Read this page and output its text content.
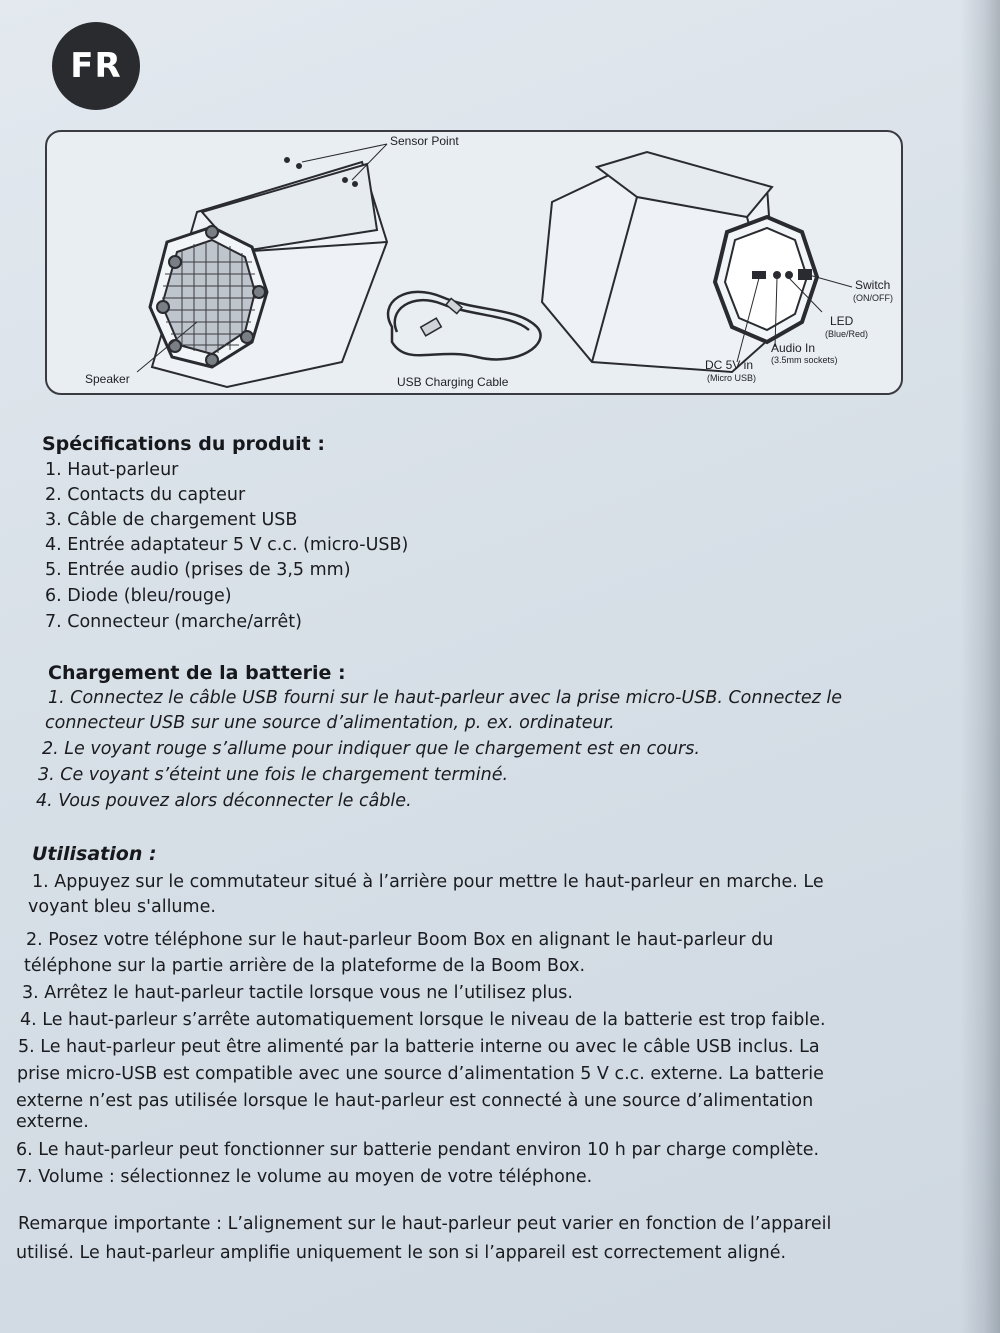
FR
Sensor Point
Speaker	USB Charging Cable
Switch
(ON/OFF)
LED
(Blue/Red)
Audio In
(3.5mm sockets)
DC 5V in
(Micro USB)
Spécifications du produit :
1. Haut-parleur
2. Contacts du capteur
3. Câble de chargement USB
4. Entrée adaptateur 5 V c.c. (micro-USB)
5. Entrée audio (prises de 3,5 mm)
6. Diode (bleu/rouge)
7. Connecteur (marche/arrêt)
Chargement de la batterie :
1. Connectez le câble USB fourni sur le haut-parleur avec la prise micro-USB. Connectez le
connecteur USB sur une source d’alimentation, p. ex. ordinateur.
2. Le voyant rouge s’allume pour indiquer que le chargement est en cours.
3. Ce voyant s’éteint une fois le chargement terminé.
4. Vous pouvez alors déconnecter le câble.
Utilisation :
1. Appuyez sur le commutateur situé à l’arrière pour mettre le haut-parleur en marche. Le
voyant bleu s'allume.
2. Posez votre téléphone sur le haut-parleur Boom Box en alignant le haut-parleur du
téléphone sur la partie arrière de la plateforme de la Boom Box.
3. Arrêtez le haut-parleur tactile lorsque vous ne l’utilisez plus.
4. Le haut-parleur s’arrête automatiquement lorsque le niveau de la batterie est trop faible.
5. Le haut-parleur peut être alimenté par la batterie interne ou avec le câble USB inclus. La
prise micro-USB est compatible avec une source d’alimentation 5 V c.c. externe. La batterie
externe n’est pas utilisée lorsque le haut-parleur est connecté à une source d’alimentation
externe.
6. Le haut-parleur peut fonctionner sur batterie pendant environ 10 h par charge complète.
7. Volume : sélectionnez le volume au moyen de votre téléphone.
Remarque importante : L’alignement sur le haut-parleur peut varier en fonction de l’appareil
utilisé. Le haut-parleur amplifie uniquement le son si l’appareil est correctement aligné.
